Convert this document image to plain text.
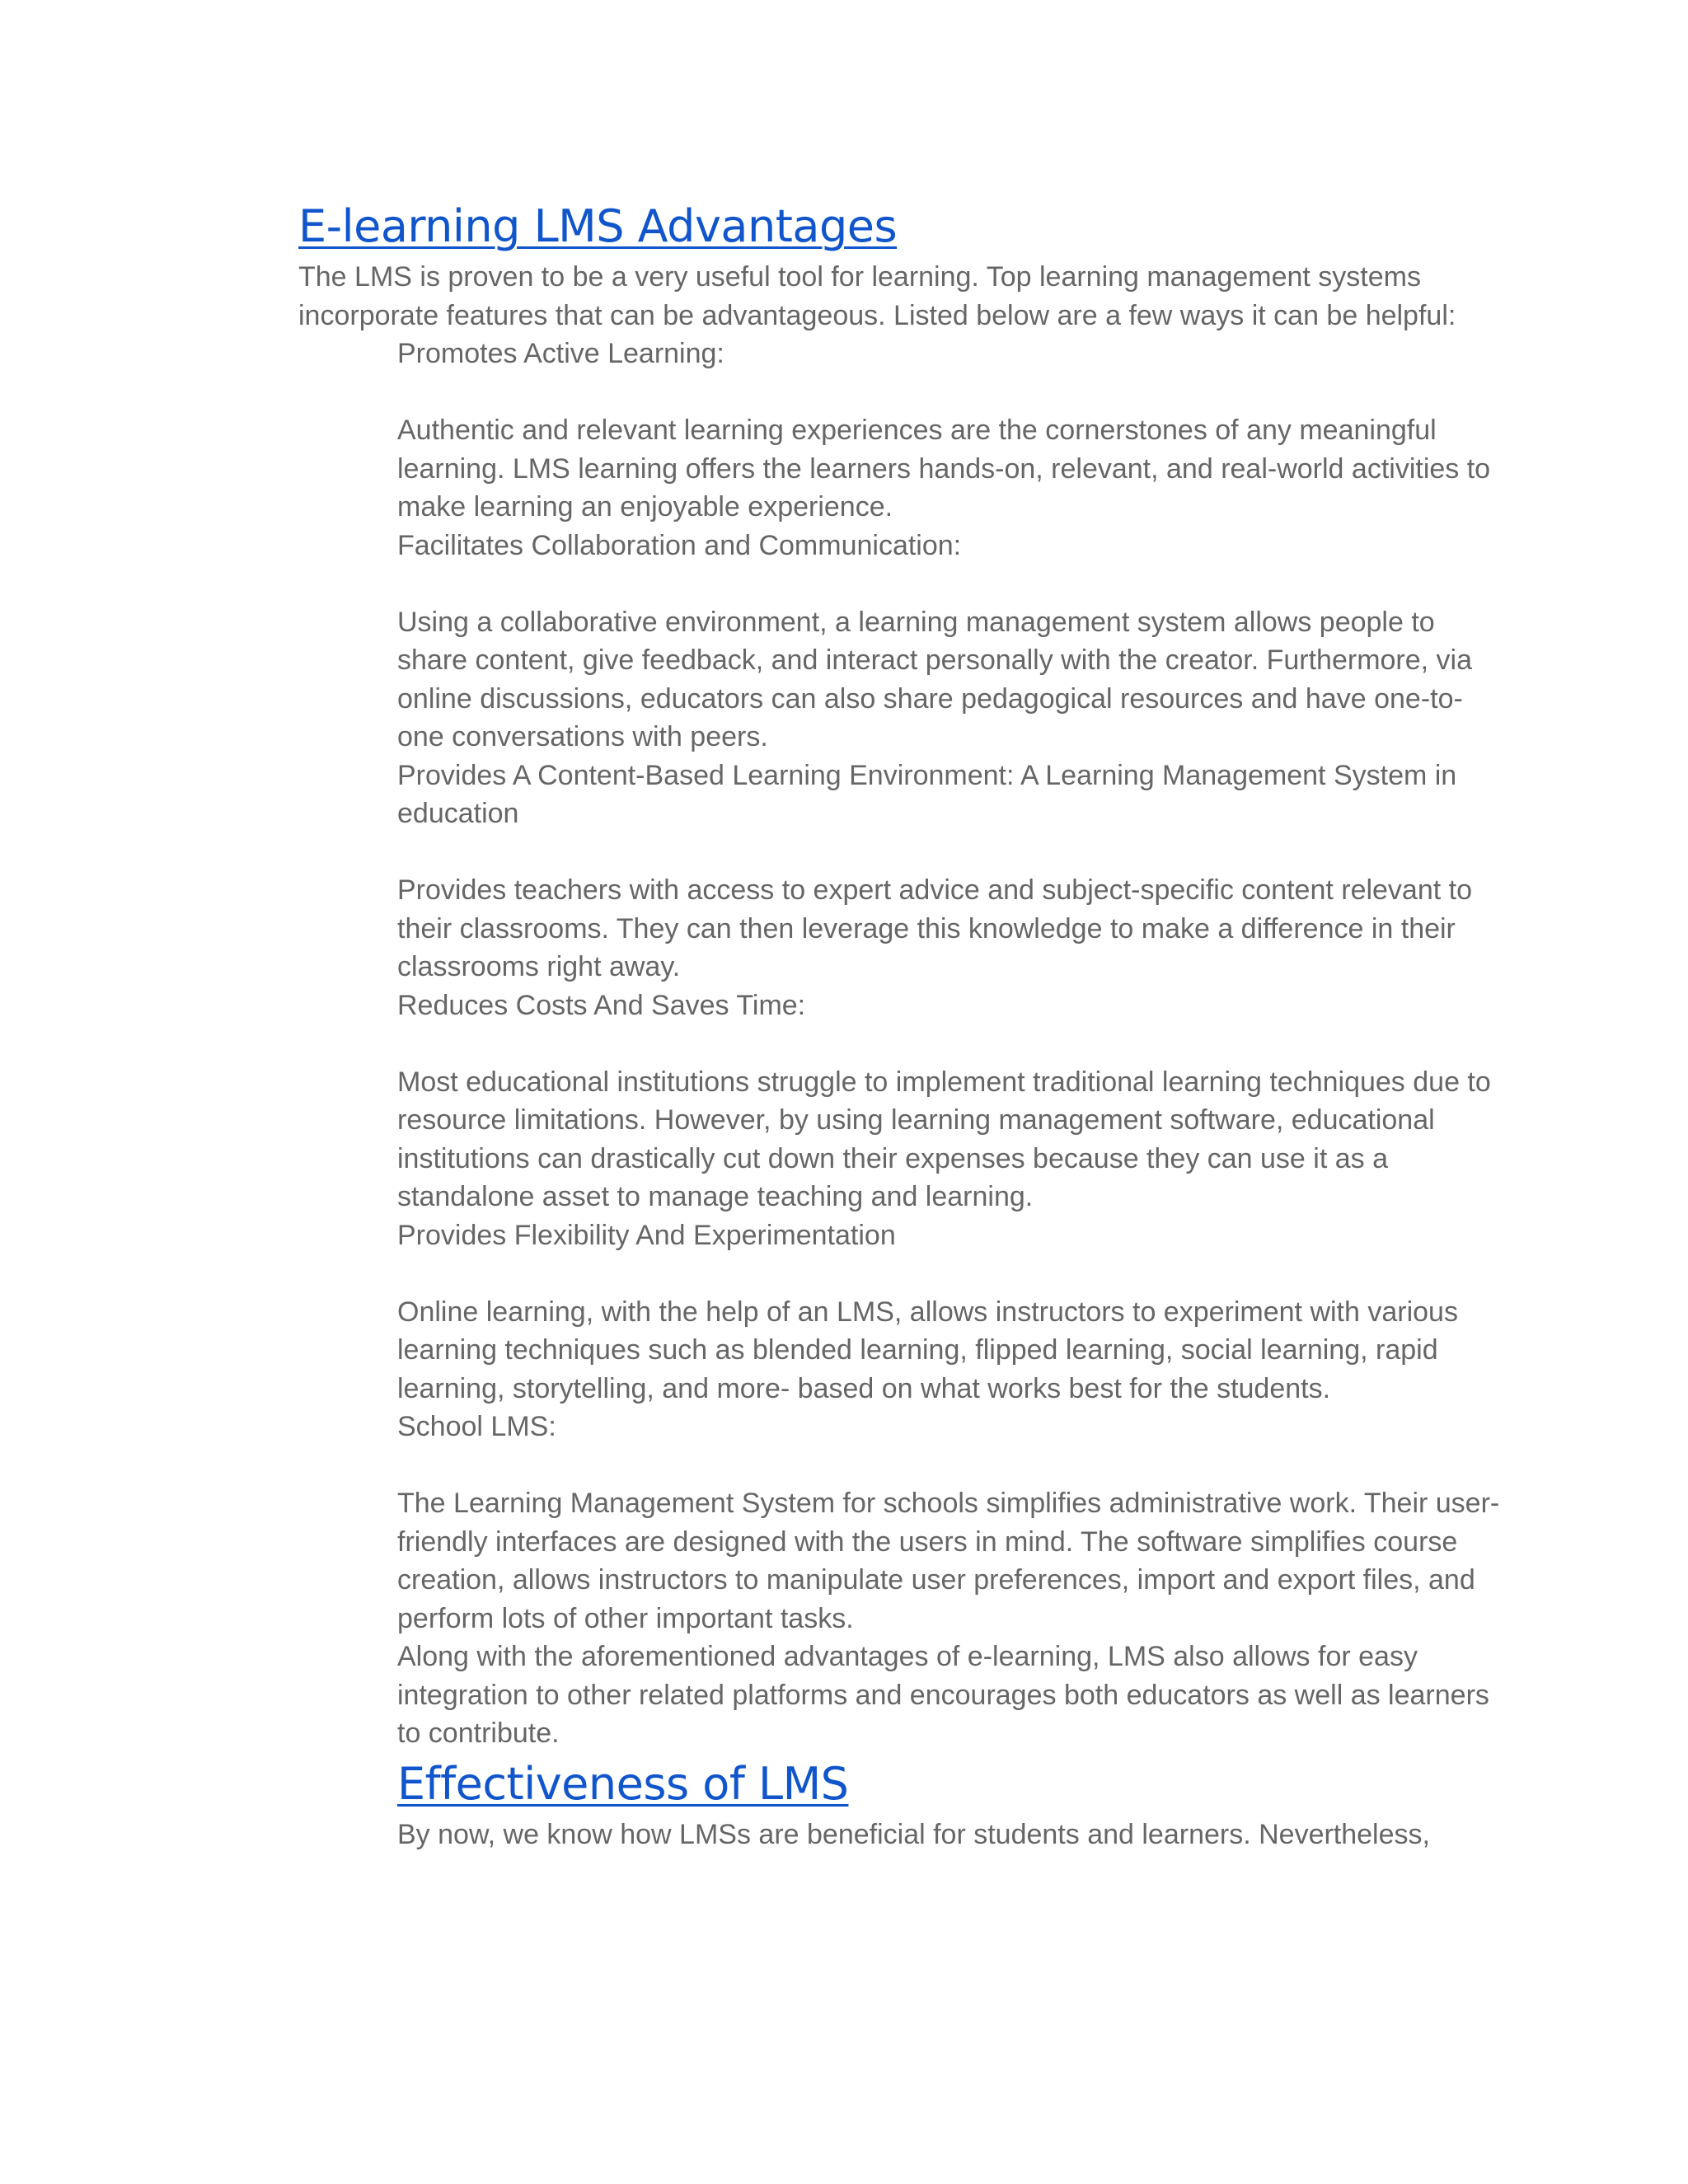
E-learning LMS Advantages

The LMS is proven to be a very useful tool for learning. Top learning management systems incorporate features that can be advantageous. Listed below are a few ways it can be helpful:

Promotes Active Learning:

Authentic and relevant learning experiences are the cornerstones of any meaningful learning. LMS learning offers the learners hands-on, relevant, and real-world activities to make learning an enjoyable experience.

Facilitates Collaboration and Communication:

Using a collaborative environment, a learning management system allows people to share content, give feedback, and interact personally with the creator. Furthermore, via online discussions, educators can also share pedagogical resources and have one-to-one conversations with peers.

Provides A Content-Based Learning Environment: A Learning Management System in education

Provides teachers with access to expert advice and subject-specific content relevant to their classrooms. They can then leverage this knowledge to make a difference in their classrooms right away.

Reduces Costs And Saves Time:

Most educational institutions struggle to implement traditional learning techniques due to resource limitations. However, by using learning management software, educational institutions can drastically cut down their expenses because they can use it as a standalone asset to manage teaching and learning.

Provides Flexibility And Experimentation

Online learning, with the help of an LMS, allows instructors to experiment with various learning techniques such as blended learning, flipped learning, social learning, rapid learning, storytelling, and more- based on what works best for the students.

School LMS:

The Learning Management System for schools simplifies administrative work. Their user-friendly interfaces are designed with the users in mind. The software simplifies course creation, allows instructors to manipulate user preferences, import and export files, and perform lots of other important tasks.

Along with the aforementioned advantages of e-learning, LMS also allows for easy integration to other related platforms and encourages both educators as well as learners to contribute.

Effectiveness of LMS

By now, we know how LMSs are beneficial for students and learners. Nevertheless,
